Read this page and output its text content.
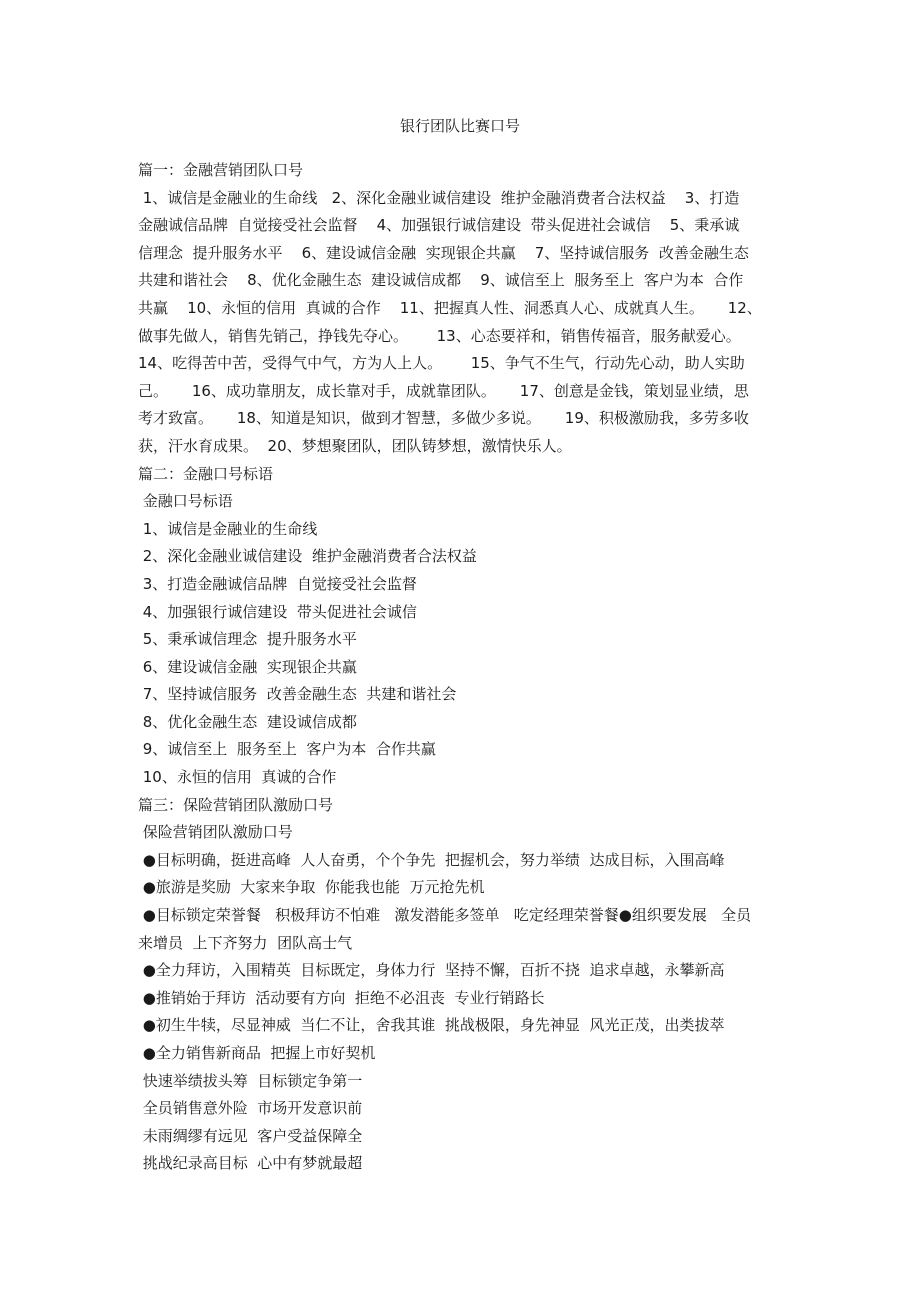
银行团队比赛口号
篇一：金融营销团队口号
1、诚信是金融业的生命线   2、深化金融业诚信建设  维护金融消费者合法权益    3、打造
金融诚信品牌  自觉接受社会监督    4、加强银行诚信建设  带头促进社会诚信    5、秉承诚
信理念  提升服务水平    6、建设诚信金融  实现银企共赢    7、坚持诚信服务  改善金融生态
共建和谐社会    8、优化金融生态  建设诚信成都    9、诚信至上  服务至上  客户为本  合作
共赢    10、永恒的信用  真诚的合作    11、把握真人性、洞悉真人心、成就真人生。     12、
做事先做人，销售先销己，挣钱先夺心。      13、心态要祥和，销售传福音，服务献爱心。
14、吃得苦中苦，受得气中气，方为人上人。      15、争气不生气，行动先心动，助人实助
己。     16、成功靠朋友，成长靠对手，成就靠团队。     17、创意是金钱，策划显业绩，思
考才致富。     18、知道是知识，做到才智慧，多做少多说。     19、积极激励我，多劳多收
获，汗水育成果。  20、梦想聚团队，团队铸梦想，激情快乐人。
篇二：金融口号标语
金融口号标语
1、诚信是金融业的生命线
2、深化金融业诚信建设  维护金融消费者合法权益
3、打造金融诚信品牌  自觉接受社会监督
4、加强银行诚信建设  带头促进社会诚信
5、秉承诚信理念  提升服务水平
6、建设诚信金融  实现银企共赢
7、坚持诚信服务  改善金融生态  共建和谐社会
8、优化金融生态  建设诚信成都
9、诚信至上  服务至上  客户为本  合作共赢
10、永恒的信用  真诚的合作
篇三：保险营销团队激励口号
保险营销团队激励口号
●目标明确，挺进高峰  人人奋勇，个个争先  把握机会，努力举绩  达成目标，入围高峰
●旅游是奖励  大家来争取  你能我也能  万元抢先机
●目标锁定荣誉餐   积极拜访不怕难   激发潜能多签单   吃定经理荣誉餐●组织要发展   全员
来增员  上下齐努力  团队高士气
●全力拜访，入围精英  目标既定，身体力行  坚持不懈，百折不挠  追求卓越，永攀新高
●推销始于拜访  活动要有方向  拒绝不必沮丧  专业行销路长
●初生牛犊，尽显神威  当仁不让，舍我其谁  挑战极限，身先神显  风光正茂，出类拔萃
●全力销售新商品  把握上市好契机
快速举绩拔头筹  目标锁定争第一
全员销售意外险  市场开发意识前
未雨绸缪有远见  客户受益保障全
挑战纪录高目标  心中有梦就最超
